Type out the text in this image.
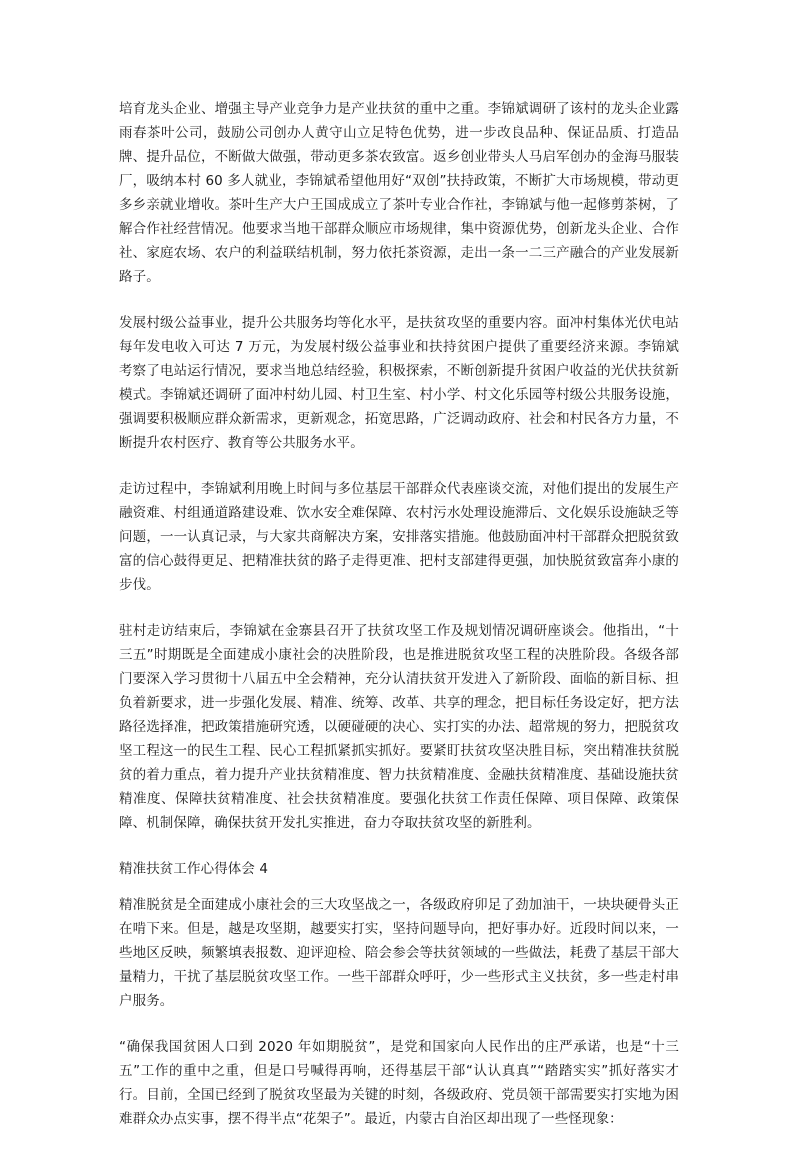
培育龙头企业、增强主导产业竞争力是产业扶贫的重中之重。李锦斌调研了该村的龙头企业露雨春茶叶公司，鼓励公司创办人黄守山立足特色优势，进一步改良品种、保证品质、打造品牌、提升品位，不断做大做强，带动更多茶农致富。返乡创业带头人马启军创办的金海马服装厂，吸纳本村 60 多人就业，李锦斌希望他用好“双创”扶持政策，不断扩大市场规模，带动更多乡亲就业增收。茶叶生产大户王国成成立了茶叶专业合作社，李锦斌与他一起修剪茶树，了解合作社经营情况。他要求当地干部群众顺应市场规律，集中资源优势，创新龙头企业、合作社、家庭农场、农户的利益联结机制，努力依托茶资源，走出一条一二三产融合的产业发展新路子。

发展村级公益事业，提升公共服务均等化水平，是扶贫攻坚的重要内容。面冲村集体光伏电站每年发电收入可达 7 万元，为发展村级公益事业和扶持贫困户提供了重要经济来源。李锦斌考察了电站运行情况，要求当地总结经验，积极探索，不断创新提升贫困户收益的光伏扶贫新模式。李锦斌还调研了面冲村幼儿园、村卫生室、村小学、村文化乐园等村级公共服务设施，强调要积极顺应群众新需求，更新观念，拓宽思路，广泛调动政府、社会和村民各方力量，不断提升农村医疗、教育等公共服务水平。

走访过程中，李锦斌利用晚上时间与多位基层干部群众代表座谈交流，对他们提出的发展生产融资难、村组通道路建设难、饮水安全难保障、农村污水处理设施滞后、文化娱乐设施缺乏等问题，一一认真记录，与大家共商解决方案，安排落实措施。他鼓励面冲村干部群众把脱贫致富的信心鼓得更足、把精准扶贫的路子走得更准、把村支部建得更强，加快脱贫致富奔小康的步伐。

驻村走访结束后，李锦斌在金寨县召开了扶贫攻坚工作及规划情况调研座谈会。他指出，“十三五”时期既是全面建成小康社会的决胜阶段，也是推进脱贫攻坚工程的决胜阶段。各级各部门要深入学习贯彻十八届五中全会精神，充分认清扶贫开发进入了新阶段、面临的新目标、担负着新要求，进一步强化发展、精准、统筹、改革、共享的理念，把目标任务设定好，把方法路径选择准，把政策措施研究透，以硬碰硬的决心、实打实的办法、超常规的努力，把脱贫攻坚工程这一的民生工程、民心工程抓紧抓实抓好。要紧盯扶贫攻坚决胜目标，突出精准扶贫脱贫的着力重点，着力提升产业扶贫精准度、智力扶贫精准度、金融扶贫精准度、基础设施扶贫精准度、保障扶贫精准度、社会扶贫精准度。要强化扶贫工作责任保障、项目保障、政策保障、机制保障，确保扶贫开发扎实推进，奋力夺取扶贫攻坚的新胜利。

精准扶贫工作心得体会 4

精准脱贫是全面建成小康社会的三大攻坚战之一，各级政府卯足了劲加油干，一块块硬骨头正在啃下来。但是，越是攻坚期，越要实打实，坚持问题导向，把好事办好。近段时间以来，一些地区反映，频繁填表报数、迎评迎检、陪会参会等扶贫领域的一些做法，耗费了基层干部大量精力，干扰了基层脱贫攻坚工作。一些干部群众呼吁，少一些形式主义扶贫，多一些走村串户服务。

“确保我国贫困人口到 2020 年如期脱贫”，是党和国家向人民作出的庄严承诺，也是“十三五”工作的重中之重，但是口号喊得再响，还得基层干部“认认真真”“踏踏实实”抓好落实才行。目前，全国已经到了脱贫攻坚最为关键的时刻，各级政府、党员领干部需要实打实地为困难群众办点实事，摆不得半点“花架子”。最近，内蒙古自治区却出现了一些怪现象：
